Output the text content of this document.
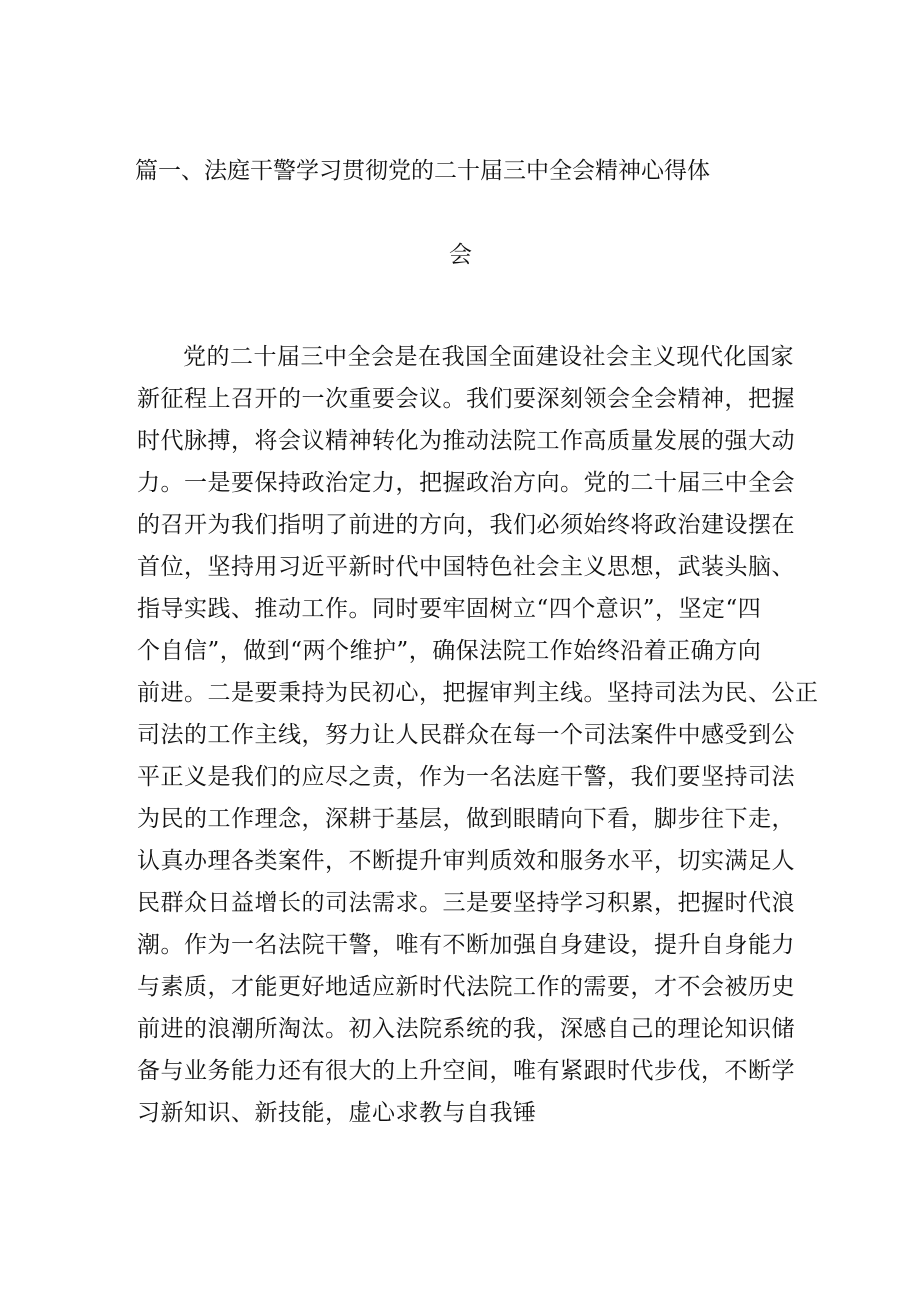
篇一、法庭干警学习贯彻党的二十届三中全会精神心得体
会
党的二十届三中全会是在我国全面建设社会主义现代化国家
新征程上召开的一次重要会议。我们要深刻领会全会精神，把握
时代脉搏，将会议精神转化为推动法院工作高质量发展的强大动
力。一是要保持政治定力，把握政治方向。党的二十届三中全会
的召开为我们指明了前进的方向，我们必须始终将政治建设摆在
首位，坚持用习近平新时代中国特色社会主义思想，武装头脑、
指导实践、推动工作。同时要牢固树立“四个意识”，坚定“四
个自信”，做到“两个维护”，确保法院工作始终沿着正确方向
前进。二是要秉持为民初心，把握审判主线。坚持司法为民、公正
司法的工作主线，努力让人民群众在每一个司法案件中感受到公
平正义是我们的应尽之责，作为一名法庭干警，我们要坚持司法
为民的工作理念，深耕于基层，做到眼睛向下看，脚步往下走，
认真办理各类案件，不断提升审判质效和服务水平，切实满足人
民群众日益增长的司法需求。三是要坚持学习积累，把握时代浪
潮。作为一名法院干警，唯有不断加强自身建设，提升自身能力
与素质，才能更好地适应新时代法院工作的需要，才不会被历史
前进的浪潮所淘汰。初入法院系统的我，深感自己的理论知识储
备与业务能力还有很大的上升空间，唯有紧跟时代步伐，不断学
习新知识、新技能，虚心求教与自我锤
